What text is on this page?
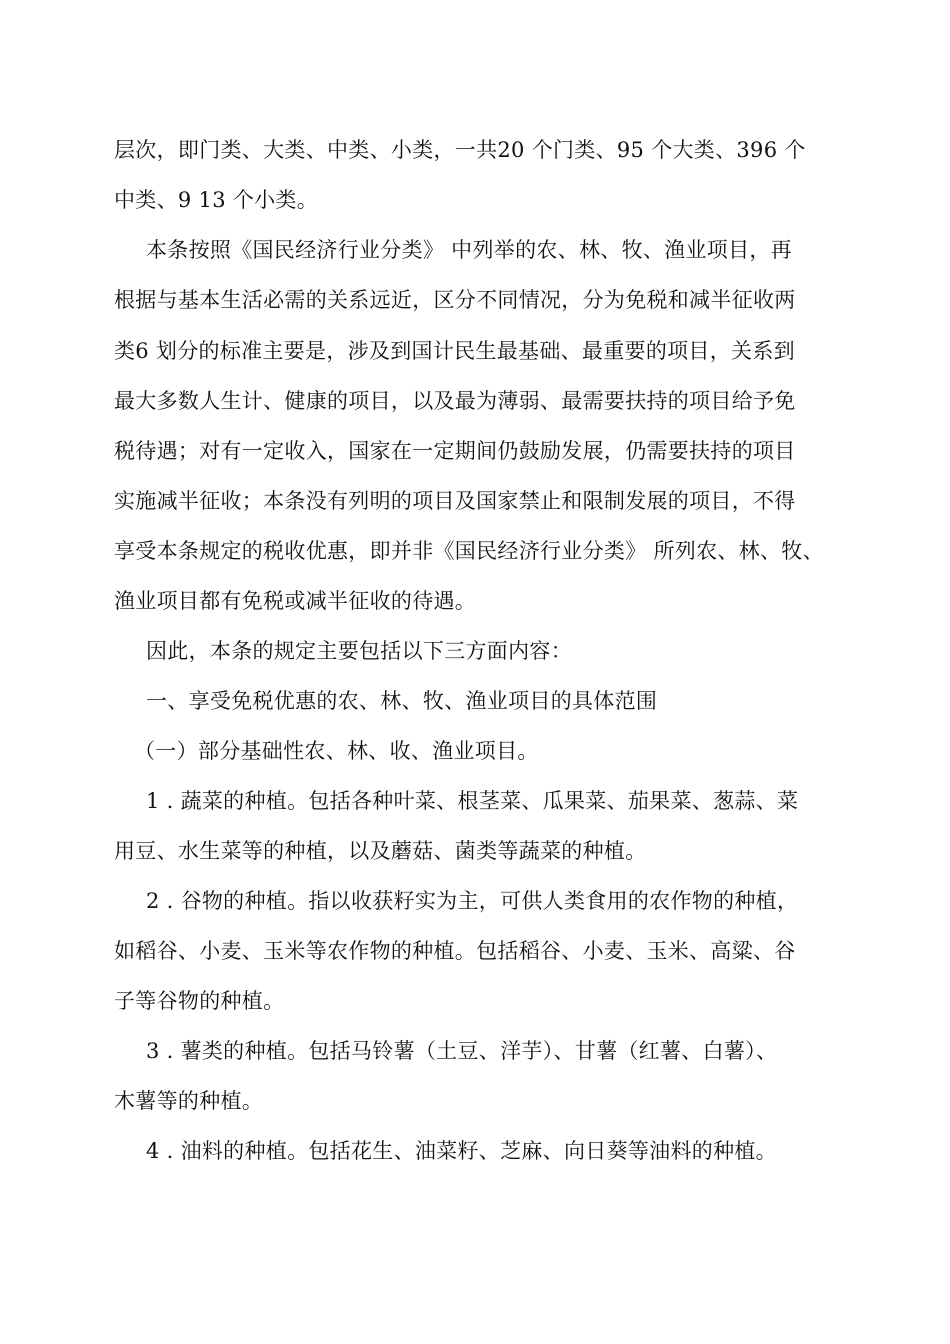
层次，即门类、大类、中类、小类，一共20 个门类、95 个大类、396 个
中类、9 13 个小类。
本条按照《国民经济行业分类》 中列举的农、林、牧、渔业项目，再
根据与基本生活必需的关系远近，区分不同情况，分为免税和减半征收两
类6 划分的标准主要是，涉及到国计民生最基础、最重要的项目，关系到
最大多数人生计、健康的项目，以及最为薄弱、最需要扶持的项目给予免
税待遇；对有一定收入，国家在一定期间仍鼓励发展，仍需要扶持的项目
实施减半征收；本条没有列明的项目及国家禁止和限制发展的项目，不得
享受本条规定的税收优惠，即并非《国民经济行业分类》 所列农、林、牧、
渔业项目都有免税或减半征收的待遇。
因此，本条的规定主要包括以下三方面内容：
一、享受免税优惠的农、林、牧、渔业项目的具体范围
（一）部分基础性农、林、收、渔业项目。
1 . 蔬菜的种植。包括各种叶菜、根茎菜、瓜果菜、茄果菜、葱蒜、菜
用豆、水生菜等的种植，以及蘑菇、菌类等蔬菜的种植。
2 . 谷物的种植。指以收获籽实为主，可供人类食用的农作物的种植，
如稻谷、小麦、玉米等农作物的种植。包括稻谷、小麦、玉米、高粱、谷
子等谷物的种植。
3 . 薯类的种植。包括马铃薯（土豆、洋芋）、甘薯（红薯、白薯）、
木薯等的种植。
4 . 油料的种植。包括花生、油菜籽、芝麻、向日葵等油料的种植。
